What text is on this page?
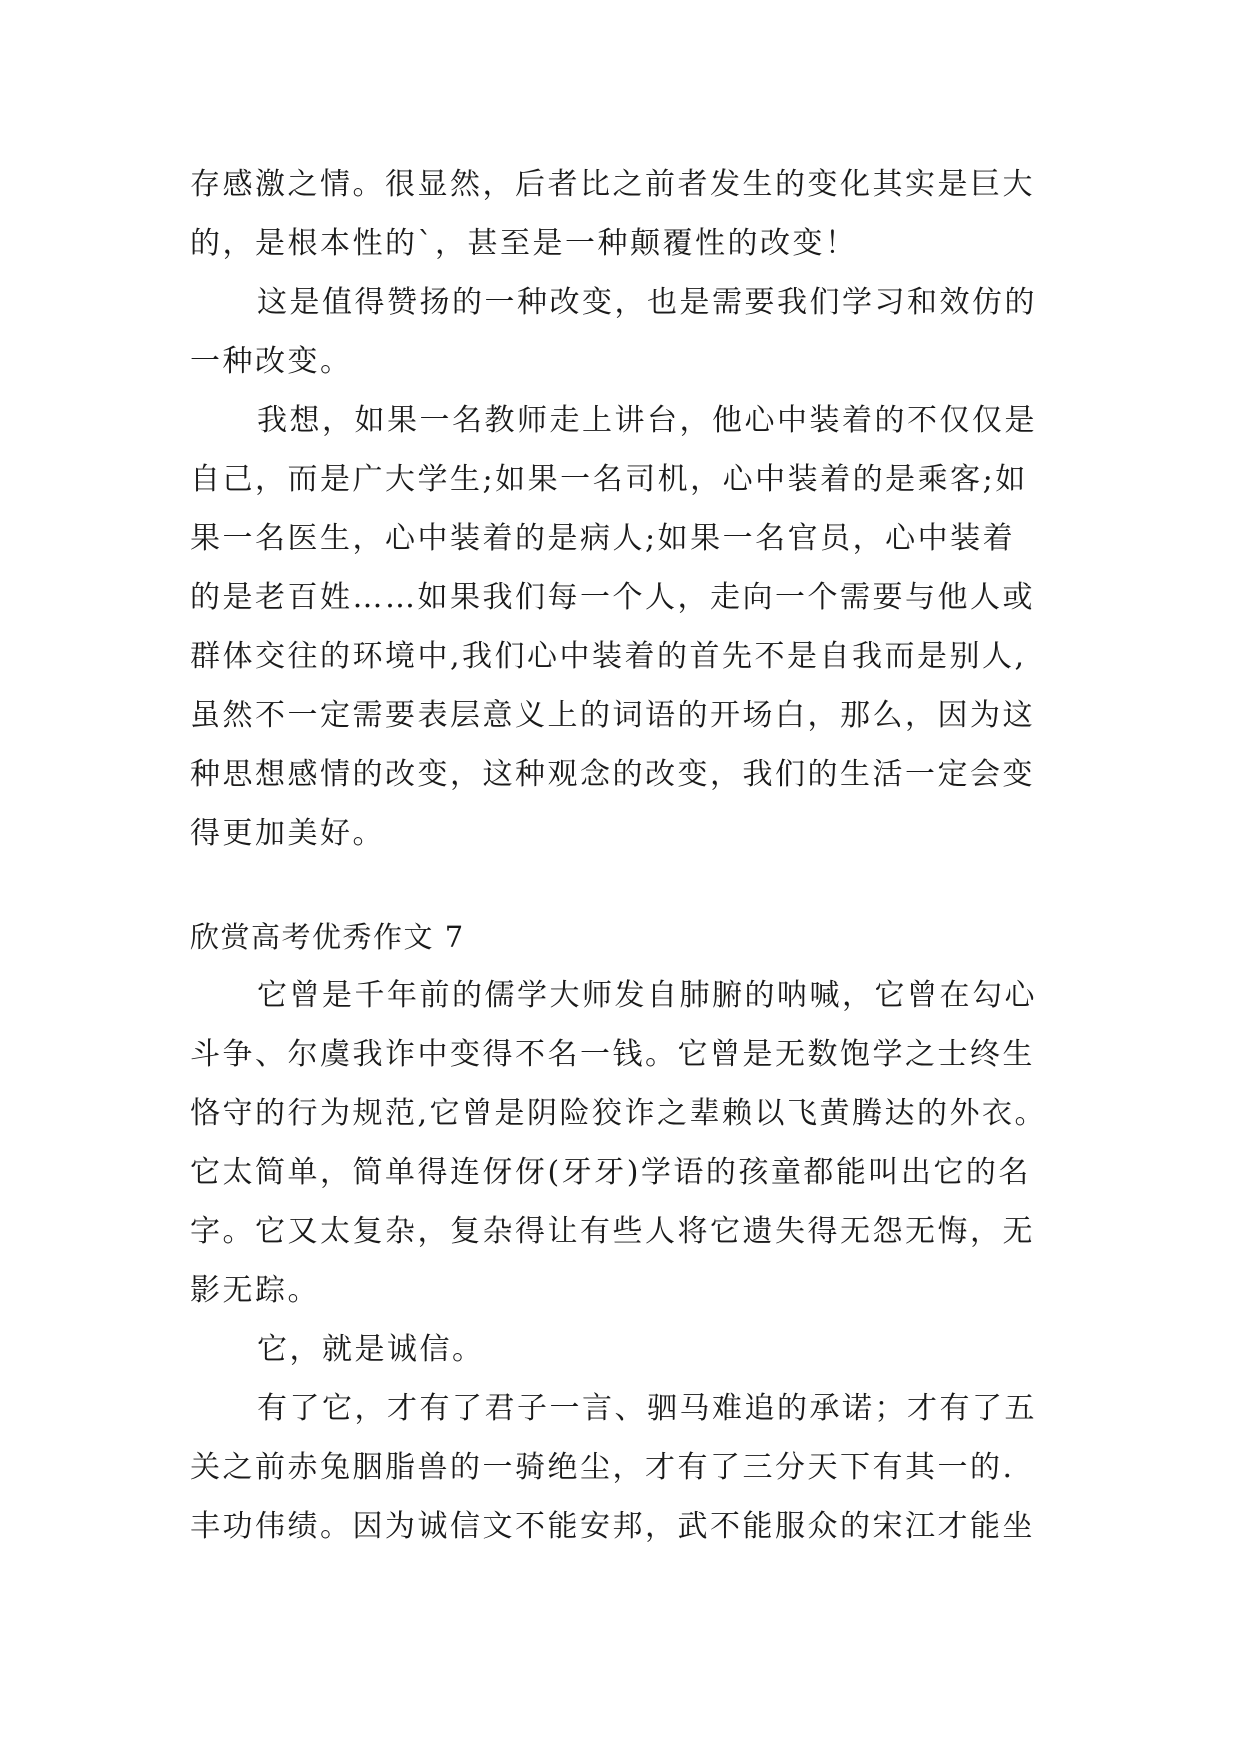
存感激之情。很显然，后者比之前者发生的变化其实是巨大
的，是根本性的`，甚至是一种颠覆性的改变！
这是值得赞扬的一种改变，也是需要我们学习和效仿的
一种改变。
我想，如果一名教师走上讲台，他心中装着的不仅仅是
自己，而是广大学生;如果一名司机，心中装着的是乘客;如
果一名医生，心中装着的是病人;如果一名官员，心中装着
的是老百姓……如果我们每一个人，走向一个需要与他人或
群体交往的环境中,我们心中装着的首先不是自我而是别人,
虽然不一定需要表层意义上的词语的开场白，那么，因为这
种思想感情的改变，这种观念的改变，我们的生活一定会变
得更加美好。
欣赏高考优秀作文 7
它曾是千年前的儒学大师发自肺腑的呐喊，它曾在勾心
斗争、尔虞我诈中变得不名一钱。它曾是无数饱学之士终生
恪守的行为规范,它曾是阴险狡诈之辈赖以飞黄腾达的外衣。
它太简单，简单得连伢伢(牙牙)学语的孩童都能叫出它的名
字。它又太复杂，复杂得让有些人将它遗失得无怨无悔，无
影无踪。
它，就是诚信。
有了它，才有了君子一言、驷马难追的承诺；才有了五
关之前赤兔胭脂兽的一骑绝尘，才有了三分天下有其一的.
丰功伟绩。因为诚信文不能安邦，武不能服众的宋江才能坐
